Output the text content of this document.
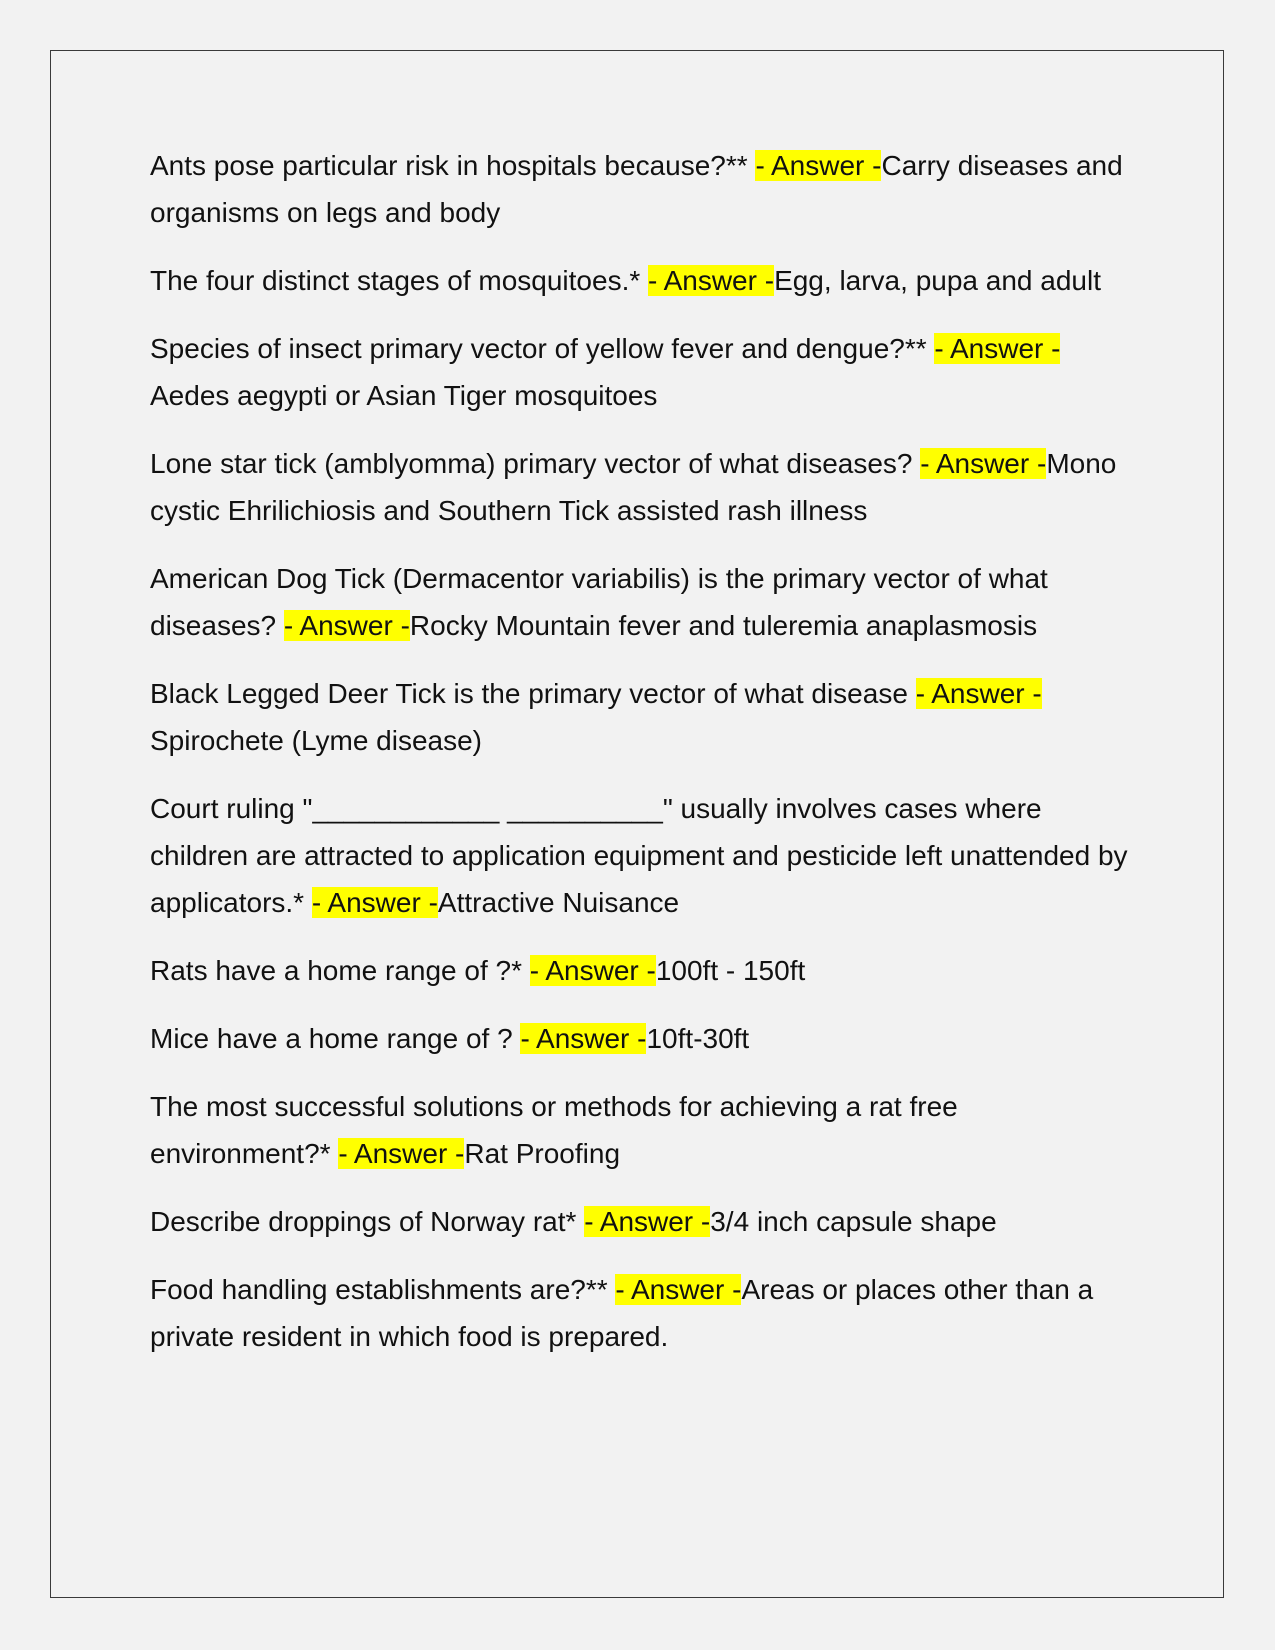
Ants pose particular risk in hospitals because?** - Answer -Carry diseases and organisms on legs and body

The four distinct stages of mosquitoes.* - Answer -Egg, larva, pupa and adult

Species of insect primary vector of yellow fever and dengue?** - Answer -Aedes aegypti or Asian Tiger mosquitoes

Lone star tick (amblyomma) primary vector of what diseases? - Answer -Mono cystic Ehrilichiosis and Southern Tick assisted rash illness

American Dog Tick (Dermacentor variabilis) is the primary vector of what diseases? - Answer -Rocky Mountain fever and tuleremia anaplasmosis

Black Legged Deer Tick is the primary vector of what disease - Answer -Spirochete (Lyme disease)

Court ruling "____________ __________" usually involves cases where children are attracted to application equipment and pesticide left unattended by applicators.* - Answer -Attractive Nuisance

Rats have a home range of ?* - Answer -100ft - 150ft

Mice have a home range of ? - Answer -10ft-30ft

The most successful solutions or methods for achieving a rat free environment?* - Answer -Rat Proofing

Describe droppings of Norway rat* - Answer -3/4 inch capsule shape

Food handling establishments are?** - Answer -Areas or places other than a private resident in which food is prepared.
